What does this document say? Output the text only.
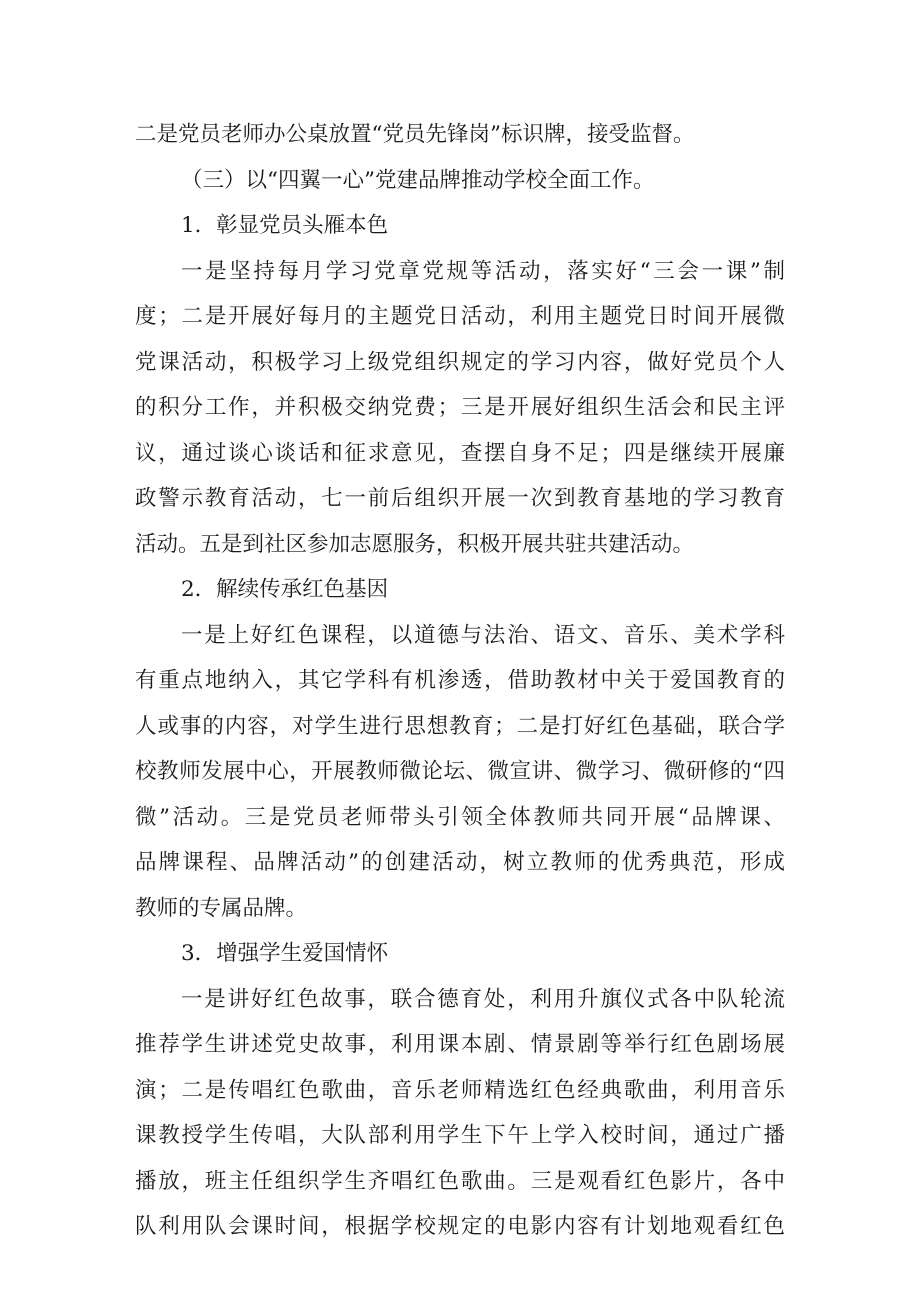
二是党员老师办公桌放置“党员先锋岗”标识牌，接受监督。
（三）以“四翼一心”党建品牌推动学校全面工作。
1．彰显党员头雁本色
一是坚持每月学习党章党规等活动，落实好“三会一课”制
度；二是开展好每月的主题党日活动，利用主题党日时间开展微
党课活动，积极学习上级党组织规定的学习内容，做好党员个人
的积分工作，并积极交纳党费；三是开展好组织生活会和民主评
议，通过谈心谈话和征求意见，查摆自身不足；四是继续开展廉
政警示教育活动，七一前后组织开展一次到教育基地的学习教育
活动。五是到社区参加志愿服务，积极开展共驻共建活动。
2．解续传承红色基因
一是上好红色课程，以道德与法治、语文、音乐、美术学科
有重点地纳入，其它学科有机渗透，借助教材中关于爱国教育的
人或事的内容，对学生进行思想教育；二是打好红色基础，联合学
校教师发展中心，开展教师微论坛、微宣讲、微学习、微研修的“四
微”活动。三是党员老师带头引领全体教师共同开展“品牌课、
品牌课程、品牌活动”的创建活动，树立教师的优秀典范，形成
教师的专属品牌。
3．增强学生爱国情怀
一是讲好红色故事，联合德育处，利用升旗仪式各中队轮流
推荐学生讲述党史故事，利用课本剧、情景剧等举行红色剧场展
演；二是传唱红色歌曲，音乐老师精选红色经典歌曲，利用音乐
课教授学生传唱，大队部利用学生下午上学入校时间，通过广播
播放，班主任组织学生齐唱红色歌曲。三是观看红色影片，各中
队利用队会课时间，根据学校规定的电影内容有计划地观看红色
